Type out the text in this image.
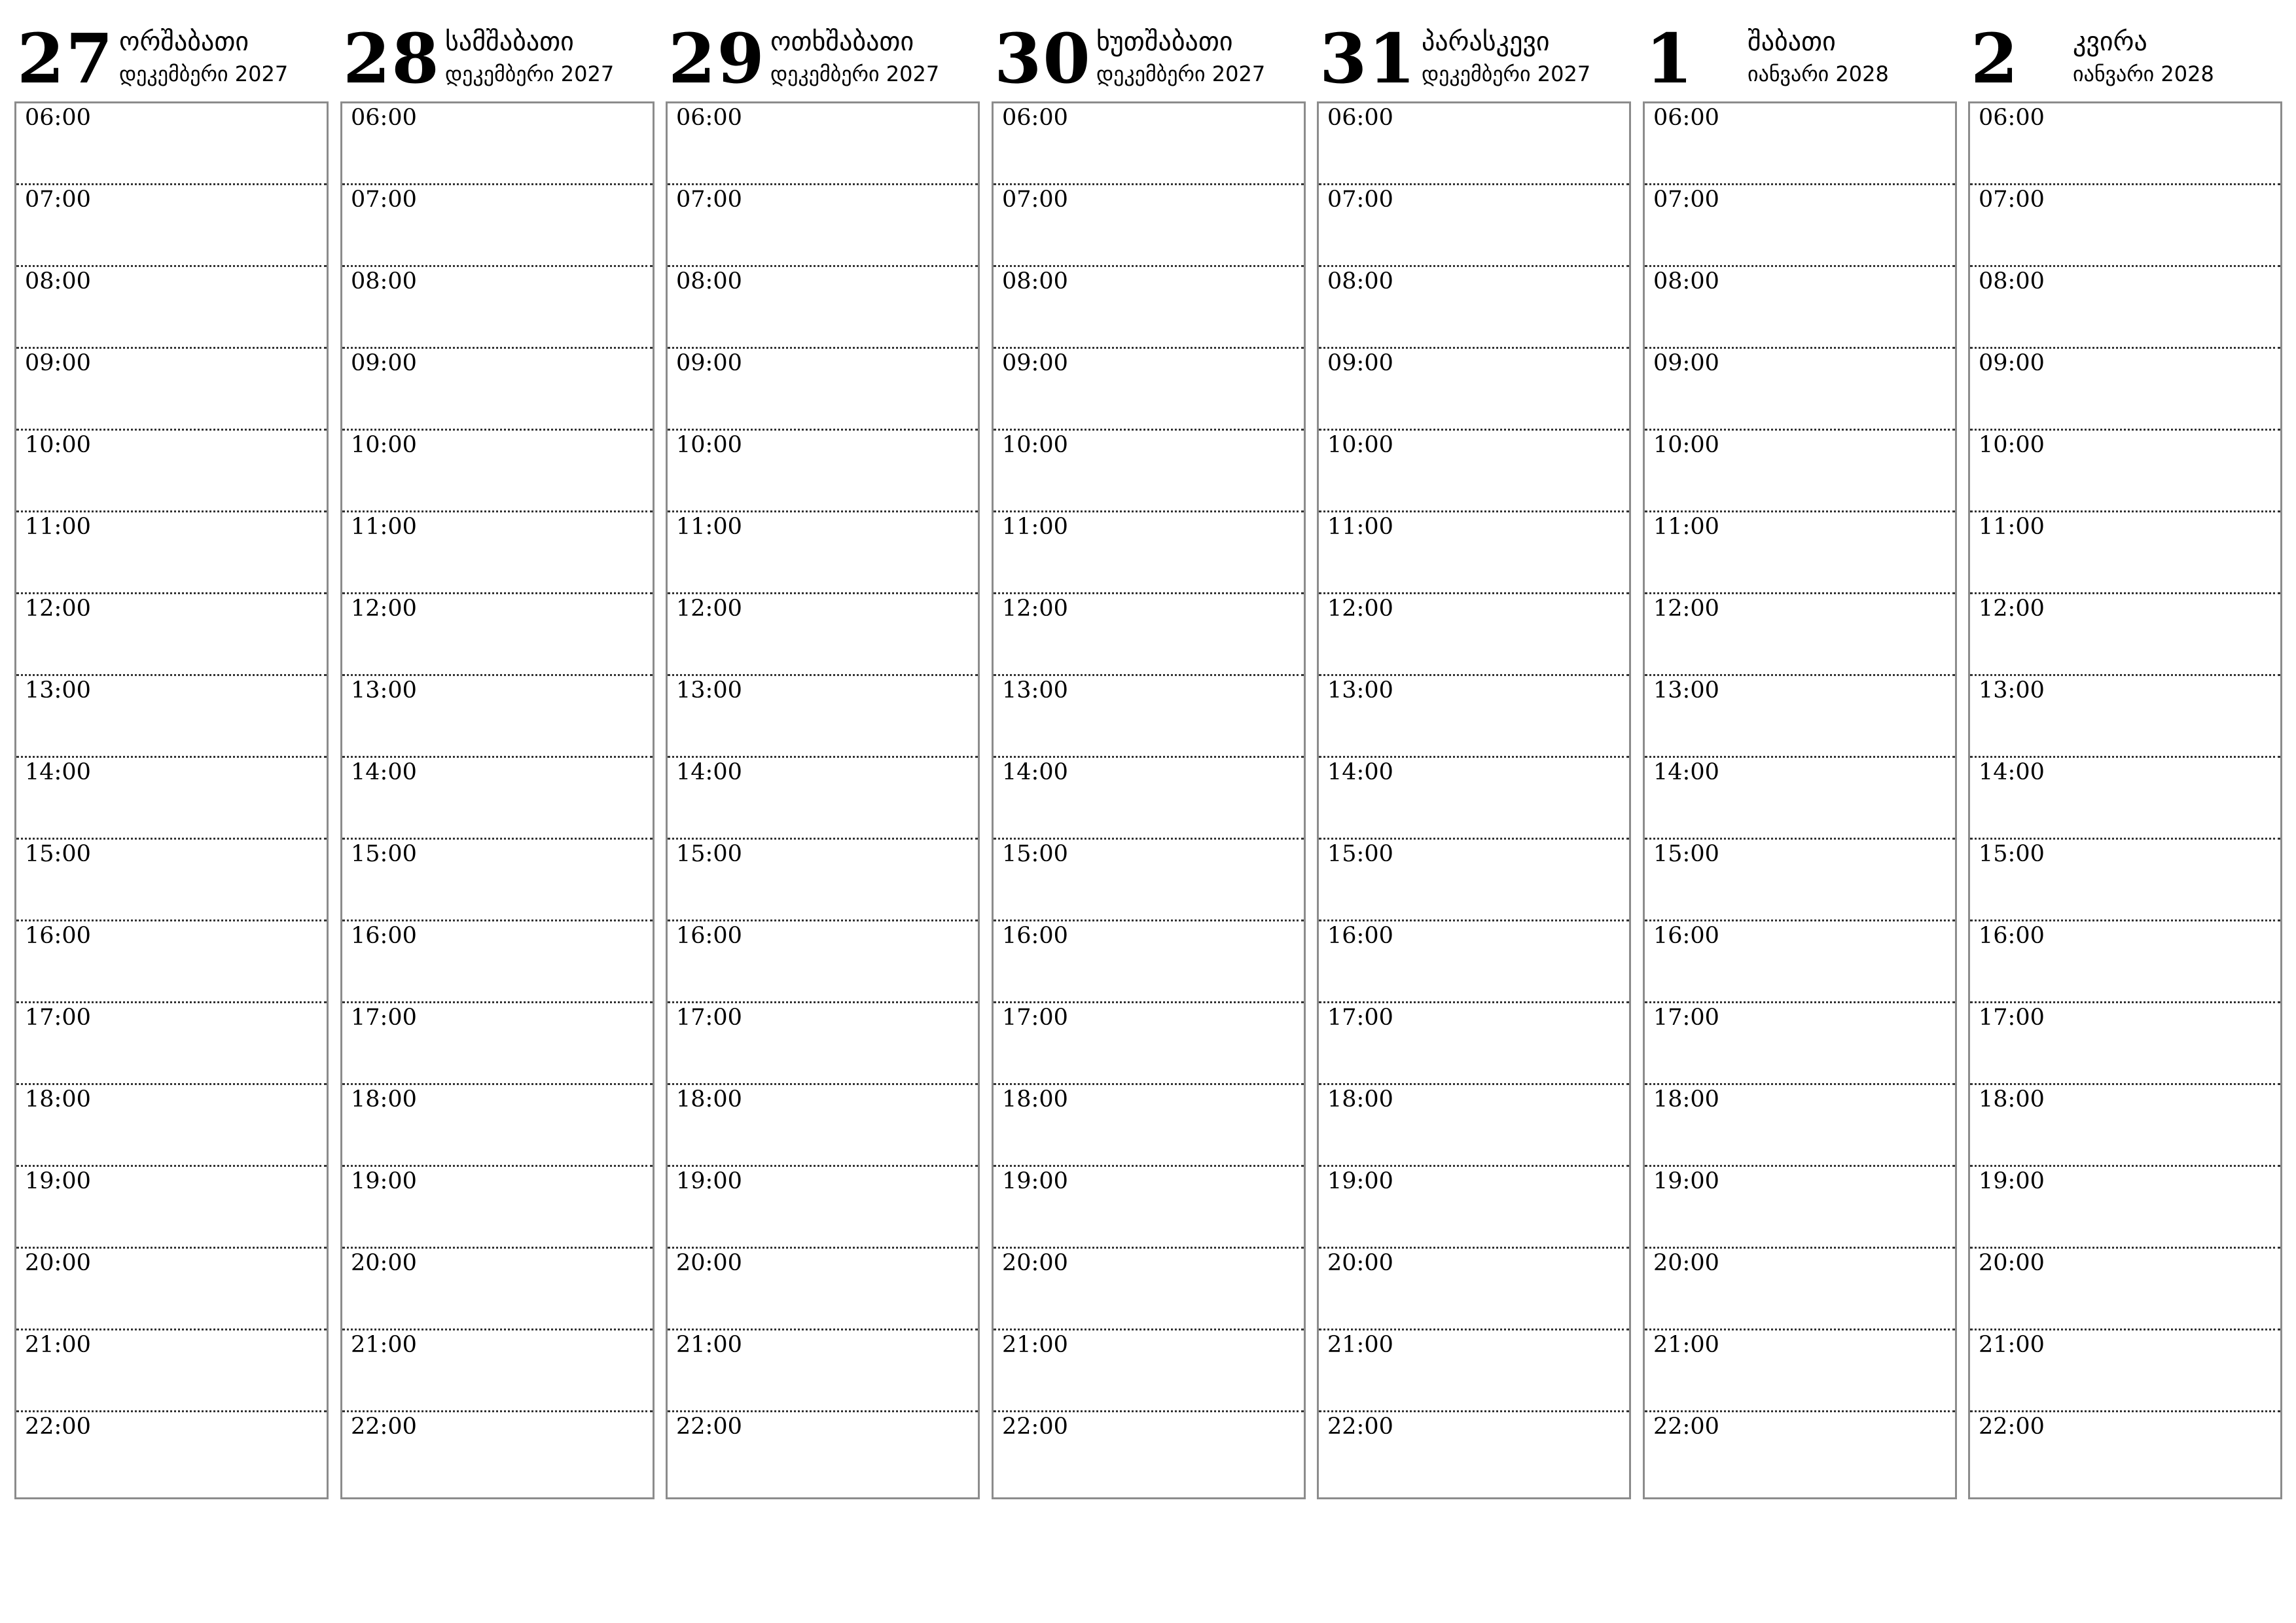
27 ორშაბათი
დეკემბერი 2027
06:00
07:00
08:00
09:00
10:00
11:00
12:00
13:00
14:00
15:00
16:00
17:00
18:00
19:00
20:00
21:00
22:00
28 სამშაბათი
დეკემბერი 2027
06:00
07:00
08:00
09:00
10:00
11:00
12:00
13:00
14:00
15:00
16:00
17:00
18:00
19:00
20:00
21:00
22:00
29 ოთხშაბათი
დეკემბერი 2027
06:00
07:00
08:00
09:00
10:00
11:00
12:00
13:00
14:00
15:00
16:00
17:00
18:00
19:00
20:00
21:00
22:00
30 ხუთშაბათი
დეკემბერი 2027
06:00
07:00
08:00
09:00
10:00
11:00
12:00
13:00
14:00
15:00
16:00
17:00
18:00
19:00
20:00
21:00
22:00
31 პარასკევი
დეკემბერი 2027
06:00
07:00
08:00
09:00
10:00
11:00
12:00
13:00
14:00
15:00
16:00
17:00
18:00
19:00
20:00
21:00
22:00
1 შაბათი
იანვარი 2028
06:00
07:00
08:00
09:00
10:00
11:00
12:00
13:00
14:00
15:00
16:00
17:00
18:00
19:00
20:00
21:00
22:00
2 კვირა
იანვარი 2028
06:00
07:00
08:00
09:00
10:00
11:00
12:00
13:00
14:00
15:00
16:00
17:00
18:00
19:00
20:00
21:00
22:00
